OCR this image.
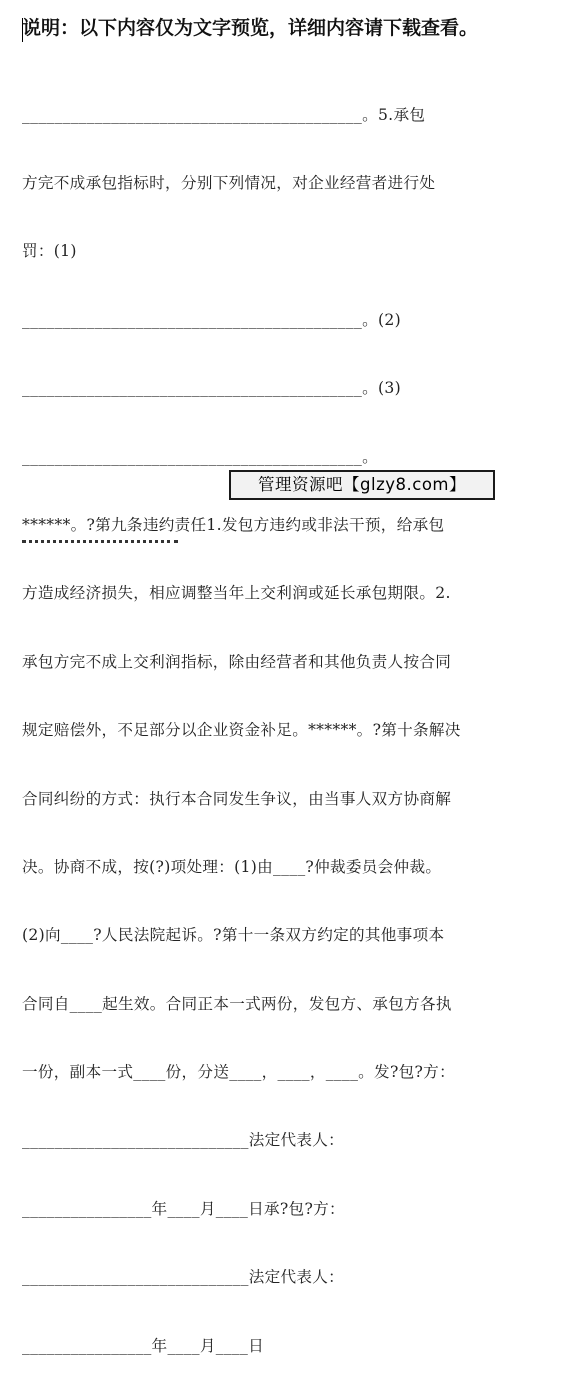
说明：以下内容仅为文字预览，详细内容请下载查看。

__________________________________________。5.承包

方完不成承包指标时，分别下列情况，对企业经营者进行处

罚：(1)

__________________________________________。(2)

__________________________________________。(3)

__________________________________________。

******。?第九条违约责任1.发包方违约或非法干预，给承包

方造成经济损失，相应调整当年上交利润或延长承包期限。2.

承包方完不成上交利润指标，除由经营者和其他负责人按合同

规定赔偿外，不足部分以企业资金补足。******。?第十条解决

合同纠纷的方式：执行本合同发生争议，由当事人双方协商解

决。协商不成，按(?)项处理：(1)由____?仲裁委员会仲裁。

(2)向____?人民法院起诉。?第十一条双方约定的其他事项本

合同自____起生效。合同正本一式两份，发包方、承包方各执

一份，副本一式____份，分送____，____，____。发?包?方：

____________________________法定代表人：

________________年____月____日承?包?方：

____________________________法定代表人：

________________年____月____日

管理资源吧【glzy8.com】
